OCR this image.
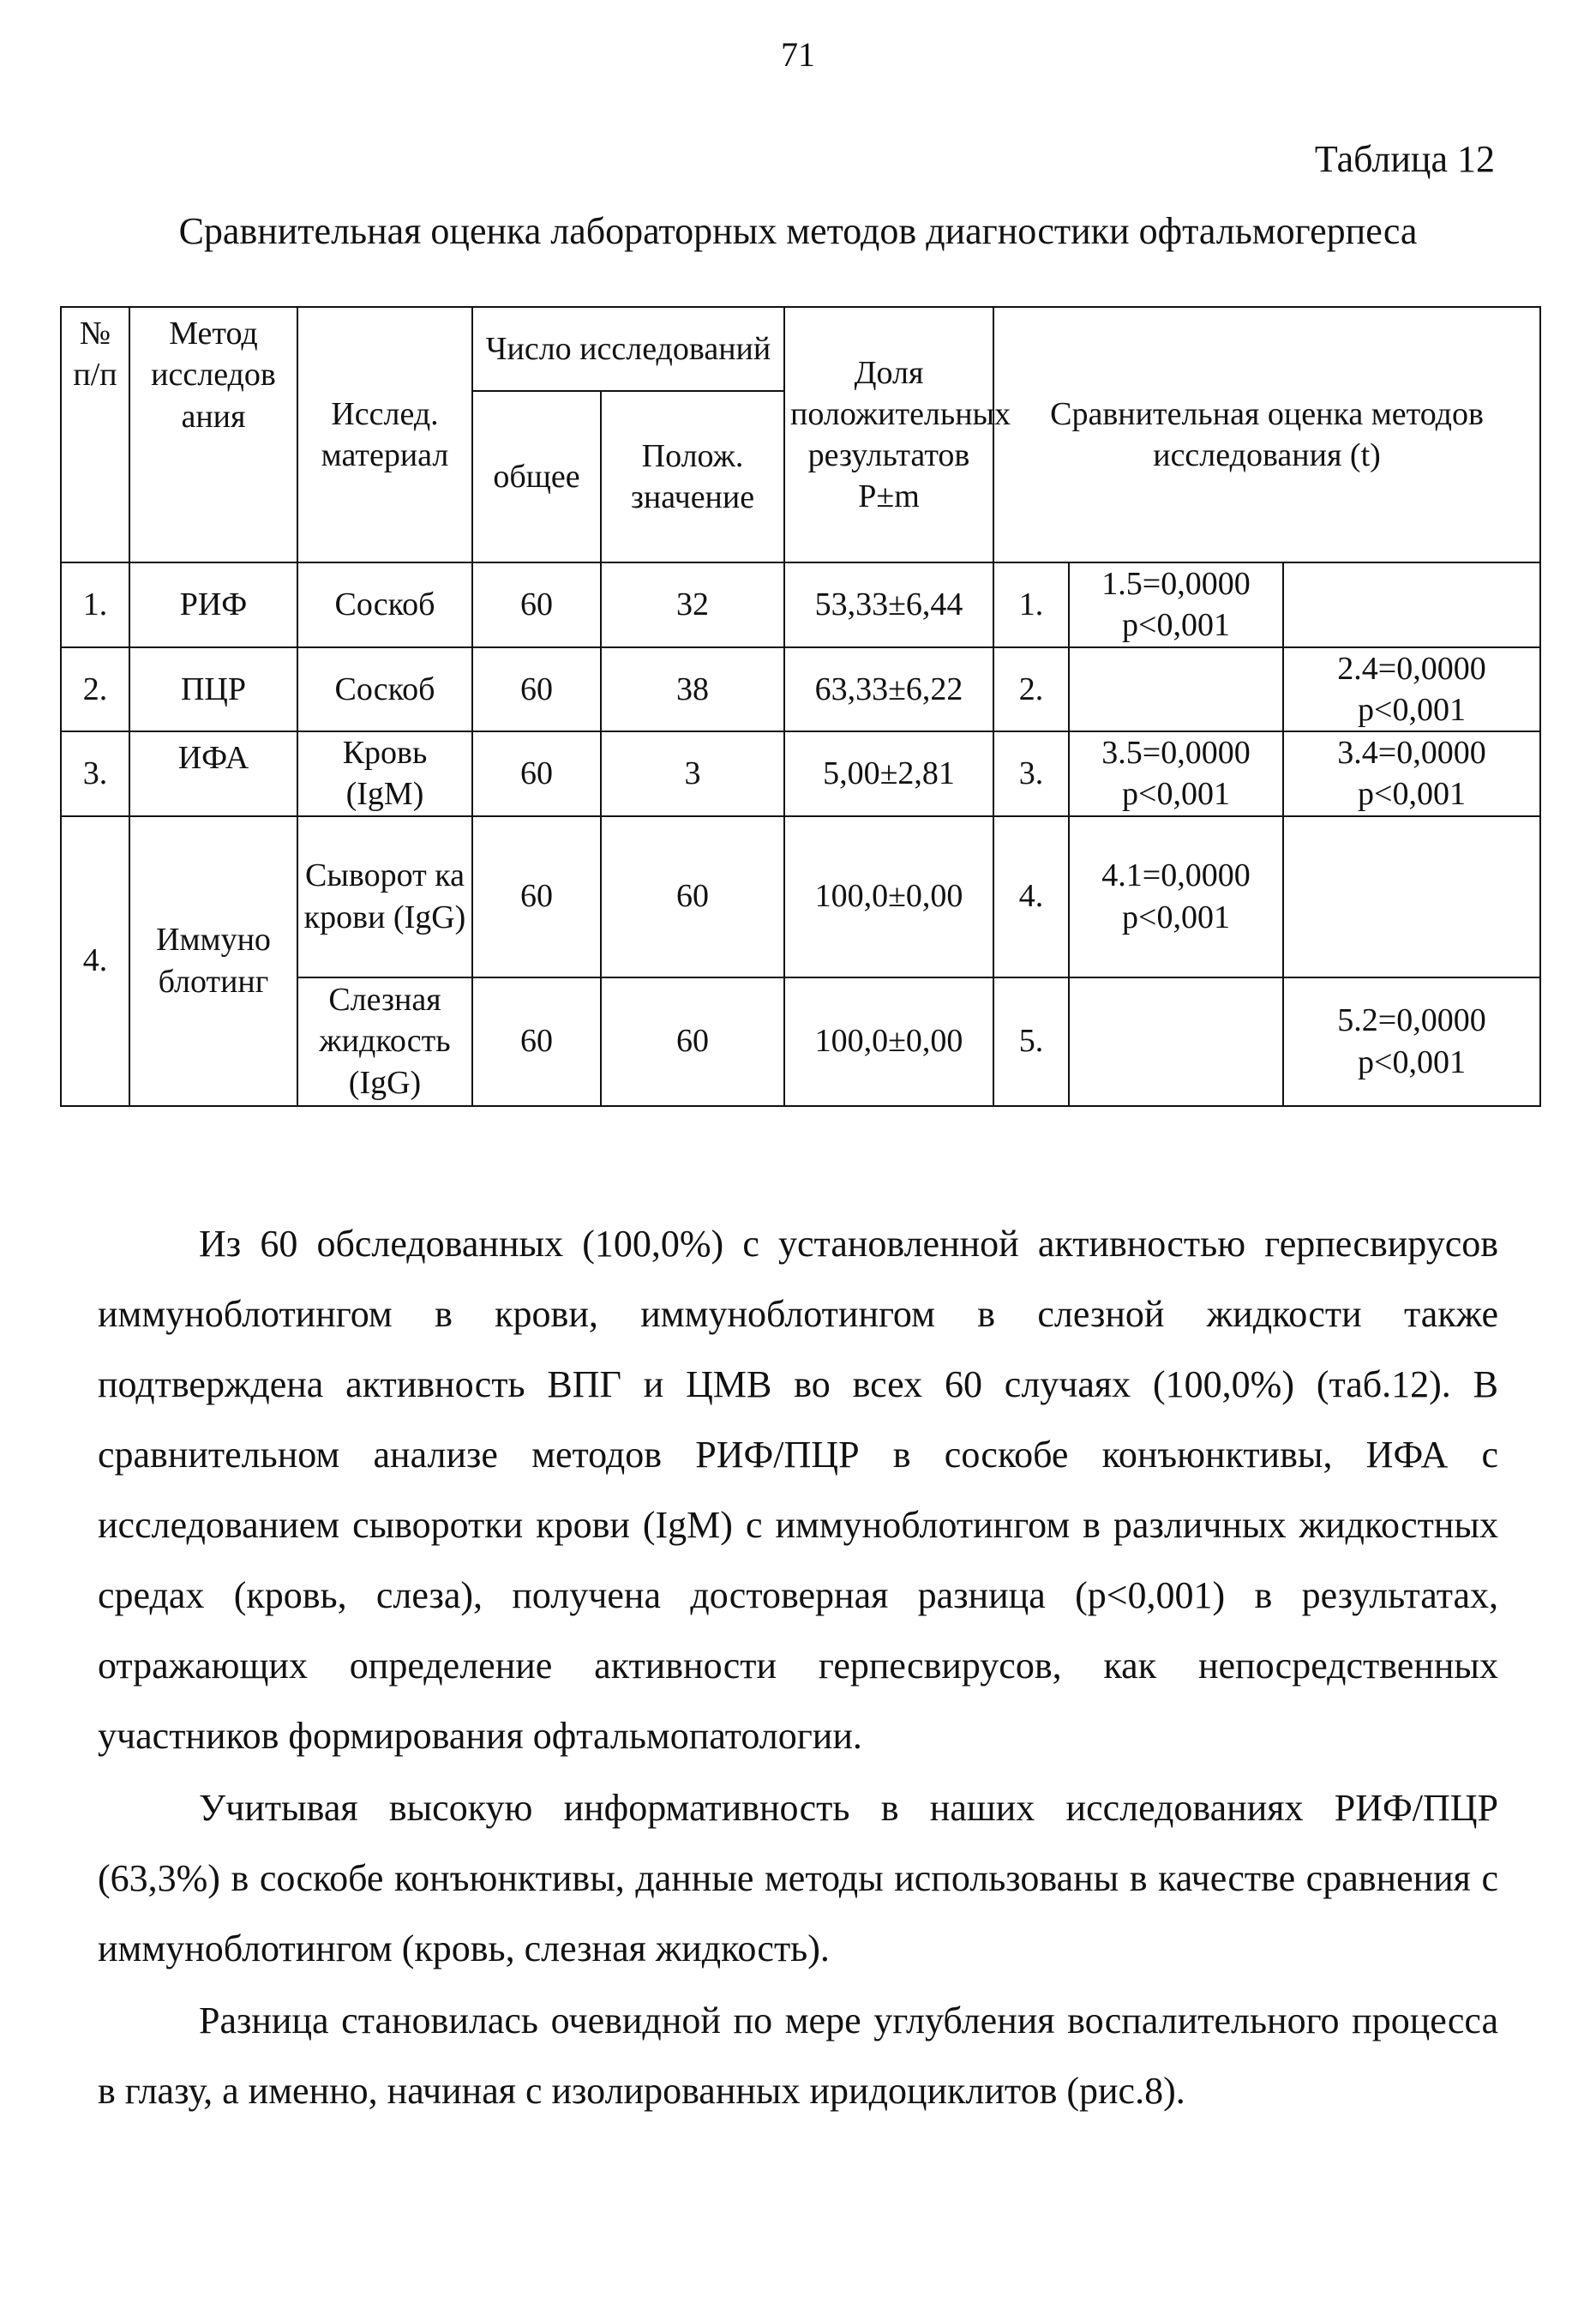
71
Таблица 12
Сравнительная оценка лабораторных методов диагностики офтальмогерпеса
№ п/п	Метод исследов ания	Исслед. материал	Число исследований		Доля положительных результатов P±m	Сравнительная оценка методов исследования (t)		
			общее	Полож. значение				
1.	РИФ	Соскоб	60	32	53,33±6,44	1.	1.5=0,0000 p<0,001	
2.	ПЦР	Соскоб	60	38	63,33±6,22	2.		2.4=0,0000 p<0,001
3.	ИФА	Кровь (IgM)	60	3	5,00±2,81	3.	3.5=0,0000 p<0,001	3.4=0,0000 p<0,001
4.	Иммуно блотинг	Сыворот ка крови (IgG)	60	60	100,0±0,00	4.	4.1=0,0000 p<0,001	
		Слезная жидкость (IgG)	60	60	100,0±0,00	5.		5.2=0,0000 p<0,001

Из 60 обследованных (100,0%) с установленной активностью герпесвирусов иммуноблотингом в крови, иммуноблотингом в слезной жидкости также подтверждена активность ВПГ и ЦМВ во всех 60 случаях (100,0%) (таб.12). В сравнительном анализе методов РИФ/ПЦР в соскобе конъюнктивы, ИФА с исследованием сыворотки крови (IgM) с иммуноблотингом в различных жидкостных средах (кровь, слеза), получена достоверная разница (p<0,001) в результатах, отражающих определение активности герпесвирусов, как непосредственных участников формирования офтальмопатологии.

Учитывая высокую информативность в наших исследованиях РИФ/ПЦР (63,3%) в соскобе конъюнктивы, данные методы использованы в качестве сравнения с иммуноблотингом (кровь, слезная жидкость).

Разница становилась очевидной по мере углубления воспалительного процесса в глазу, а именно, начиная с изолированных иридоциклитов (рис.8).
